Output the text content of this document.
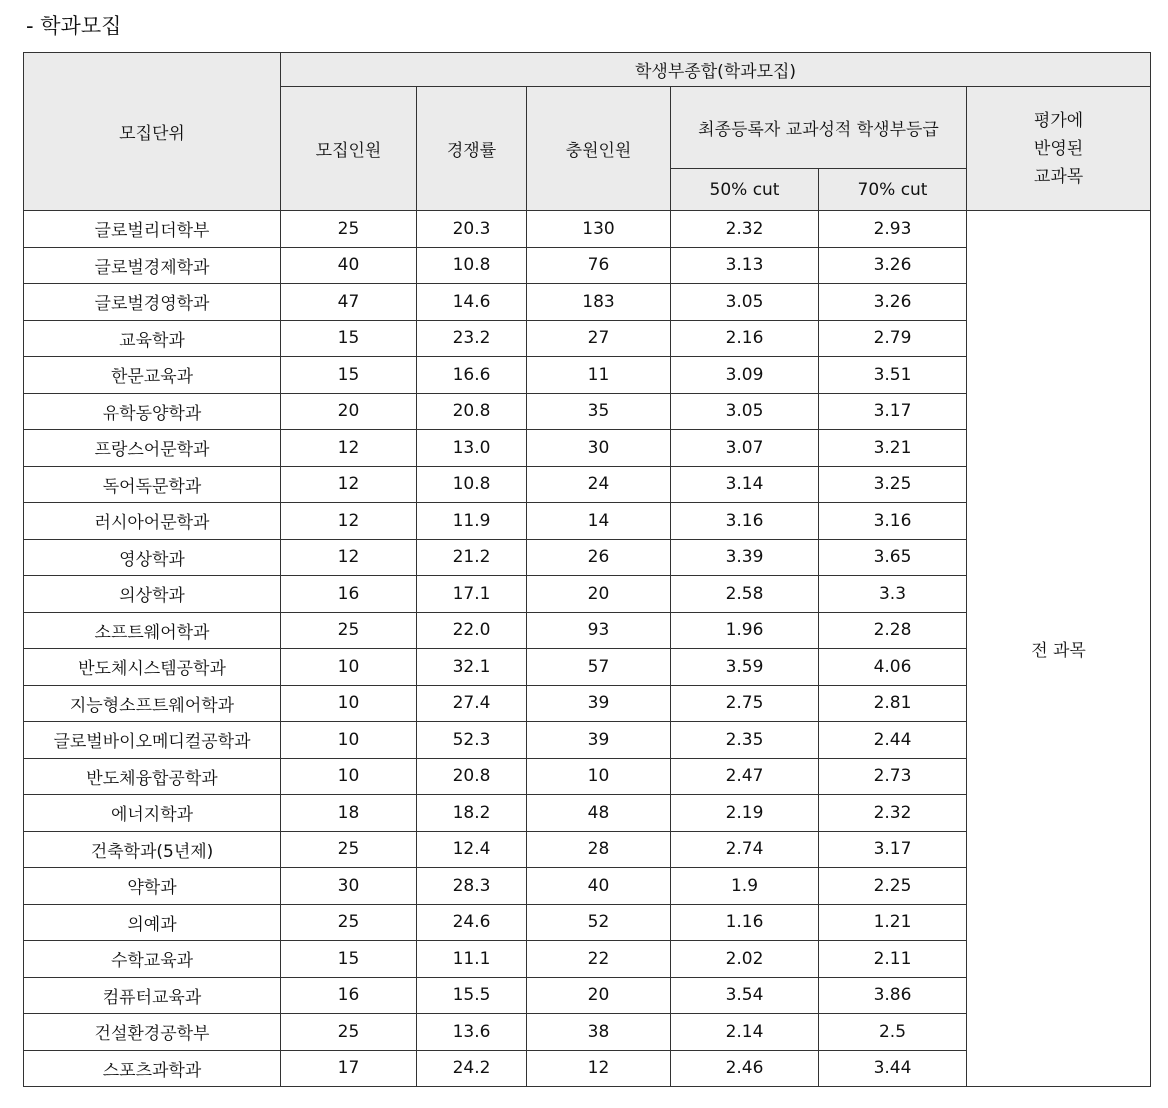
- 학과모집
모집단위	학생부종합(학과모집)					
	모집인원	경쟁률	충원인원	최종등록자 교과성적 학생부등급		평가에
반영된
교과목

				50% cut	70% cut	
글로벌리더학부	25	20.3	130	2.32	2.93	전 과목
글로벌경제학과	40	10.8	76	3.13	3.26	
글로벌경영학과	47	14.6	183	3.05	3.26	
교육학과	15	23.2	27	2.16	2.79	
한문교육과	15	16.6	11	3.09	3.51	
유학동양학과	20	20.8	35	3.05	3.17	
프랑스어문학과	12	13.0	30	3.07	3.21	
독어독문학과	12	10.8	24	3.14	3.25	
러시아어문학과	12	11.9	14	3.16	3.16	
영상학과	12	21.2	26	3.39	3.65	
의상학과	16	17.1	20	2.58	3.3	
소프트웨어학과	25	22.0	93	1.96	2.28	
반도체시스템공학과	10	32.1	57	3.59	4.06	
지능형소프트웨어학과	10	27.4	39	2.75	2.81	
글로벌바이오메디컬공학과	10	52.3	39	2.35	2.44	
반도체융합공학과	10	20.8	10	2.47	2.73	
에너지학과	18	18.2	48	2.19	2.32	
건축학과(5년제)	25	12.4	28	2.74	3.17	
약학과	30	28.3	40	1.9	2.25	
의예과	25	24.6	52	1.16	1.21	
수학교육과	15	11.1	22	2.02	2.11	
컴퓨터교육과	16	15.5	20	3.54	3.86	
건설환경공학부	25	13.6	38	2.14	2.5	
스포츠과학과	17	24.2	12	2.46	3.44	
